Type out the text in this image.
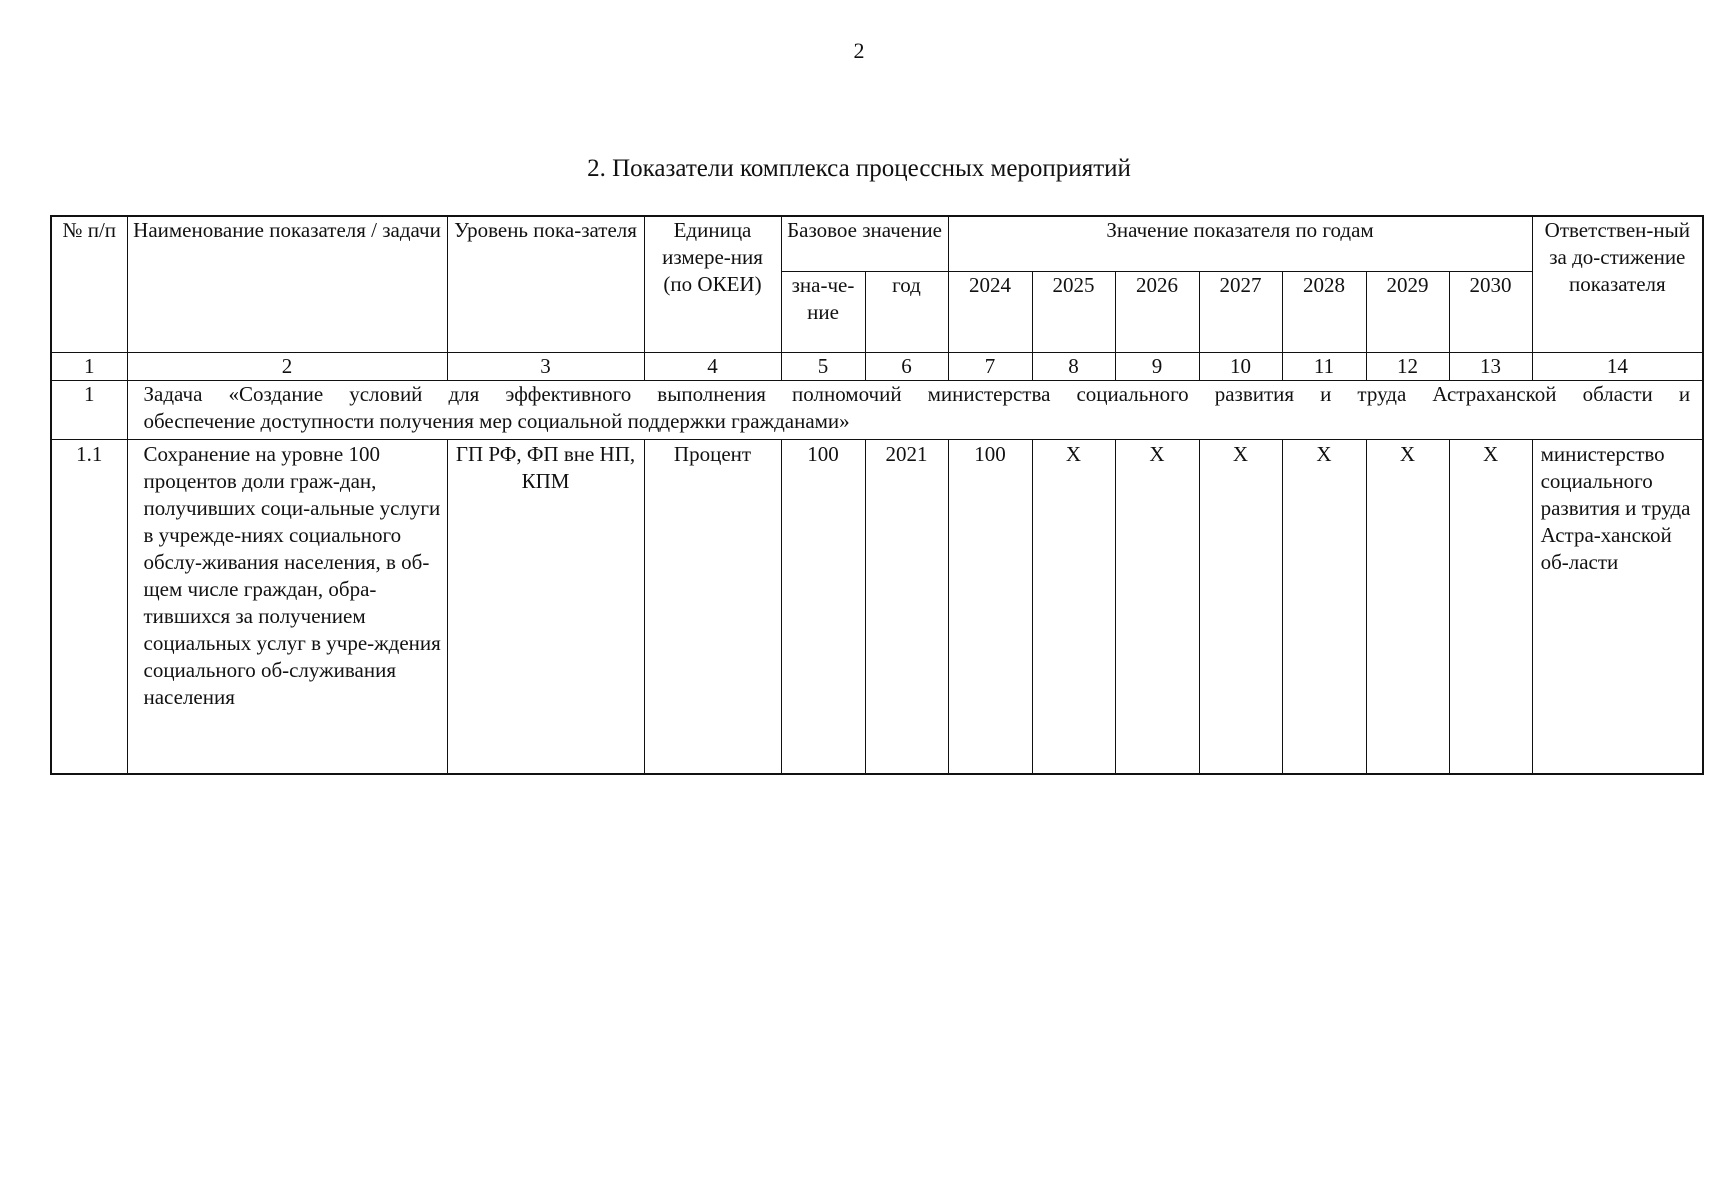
2
2. Показатели комплекса процессных мероприятий
№ п/п	Наименование показателя / задачи	Уровень пока-зателя	Единица измере-ния (по ОКЕИ)	Базовое значение		Значение показателя по годам							Ответствен-ный за до-стижение показателя
				зна-че-ние	год	2024	2025	2026	2027	2028	2029	2030	
1	2	3	4	5	6	7	8	9	10	11	12	13	14
1	Задача «Создание условий для эффективного выполнения полномочий министерства социального развития и труда Астраханской области и
обеспечение доступности получения мер социальной поддержки гражданами»												

1.1	Сохранение на уровне 100 процентов доли граж-дан, получивших соци-альные услуги в учрежде-ниях социального обслу-живания населения, в об-щем числе граждан, обра-тившихся за получением социальных услуг в учре-ждения социального об-служивания населения	ГП РФ, ФП вне НП, КПМ	Процент	100	2021	100	X	X	X	X	X	X	министерство социального развития и труда Астра-ханской об-ласти
